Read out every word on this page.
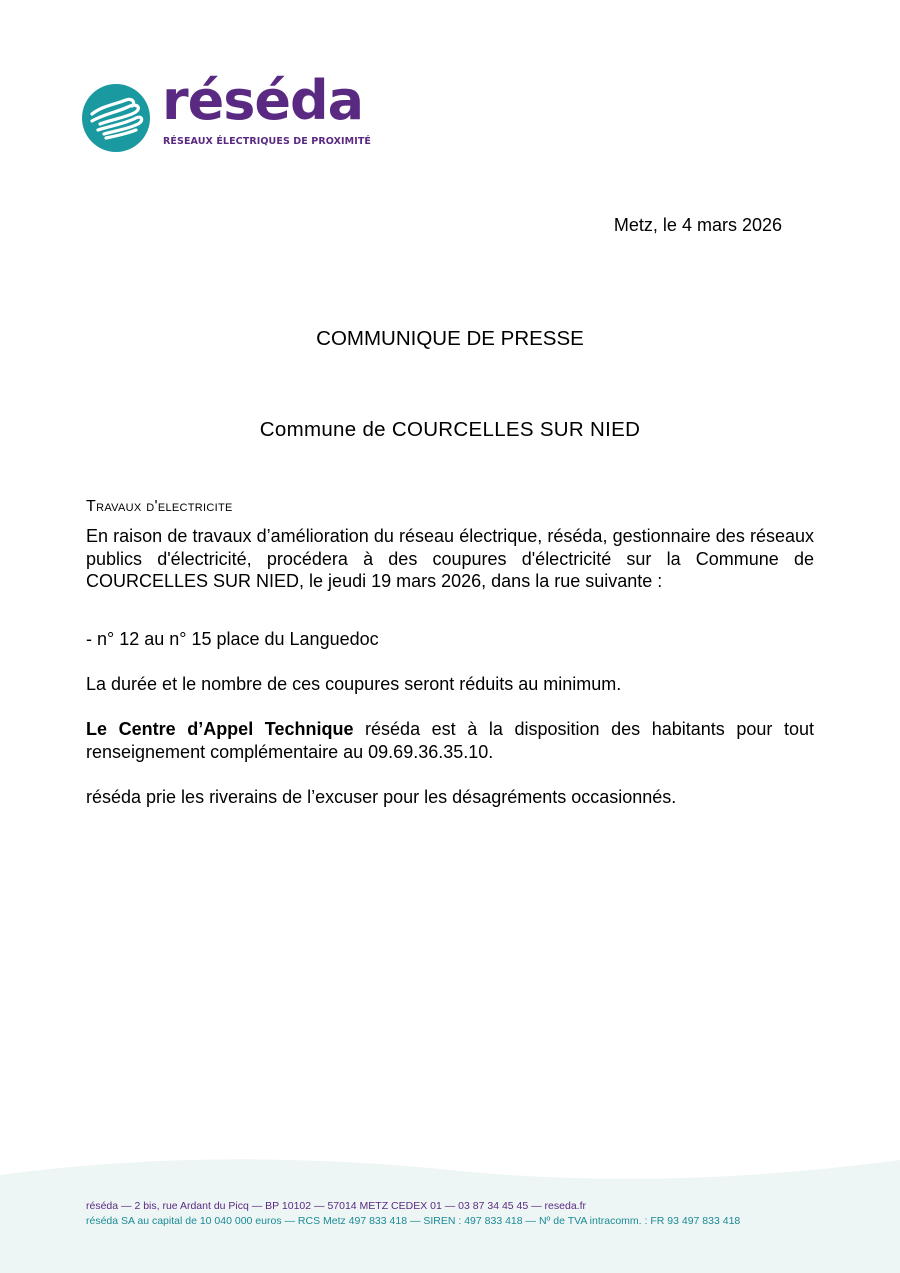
réséda
RÉSEAUX ÉLECTRIQUES DE PROXIMITÉ
Metz, le 4 mars 2026
COMMUNIQUE DE PRESSE
Commune de COURCELLES SUR NIED
Travaux d'electricite
En raison de travaux d’amélioration du réseau électrique, réséda, gestionnaire des réseaux publics d'électricité, procédera à des coupures d'électricité sur la Commune de COURCELLES SUR NIED, le jeudi 19 mars 2026, dans la rue suivante :
- n° 12 au n° 15 place du Languedoc
La durée et le nombre de ces coupures seront réduits au minimum.
Le Centre d’Appel Technique réséda est à la disposition des habitants pour tout renseignement complémentaire au 09.69.36.35.10.
réséda prie les riverains de l’excuser pour les désagréments occasionnés.
réséda — 2 bis, rue Ardant du Picq — BP 10102 — 57014 METZ CEDEX 01 — 03 87 34 45 45 — reseda.fr
réséda SA au capital de 10 040 000 euros — RCS Metz 497 833 418 — SIREN : 497 833 418 — Nº de TVA intracomm. : FR 93 497 833 418
